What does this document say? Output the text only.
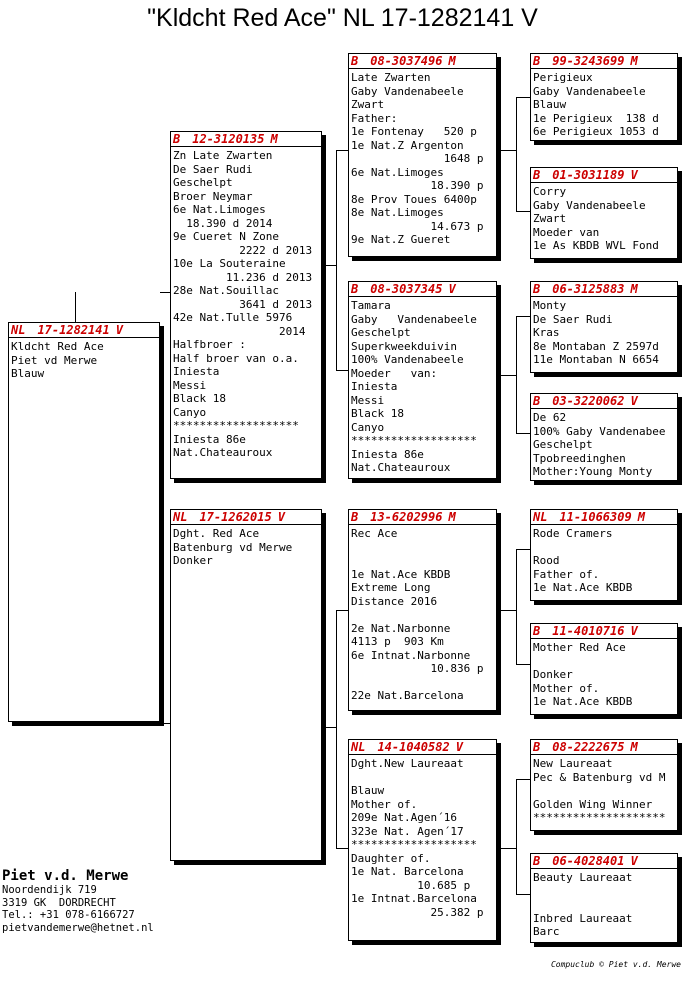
"Kldcht Red Ace" NL 17-1282141 V
NL 17-1282141 V
Kldcht Red Ace
Piet vd Merwe
Blauw
B 12-3120135 M
Zn Late Zwarten
De Saer Rudi
Geschelpt
Broer Neymar
6e Nat.Limoges
18.390 d 2014
9e Cueret N Zone
2222 d 2013
10e La Souteraine
11.236 d 2013
28e Nat.Souillac
3641 d 2013
42e Nat.Tulle 5976
2014
Halfbroer :
Half broer van o.a.
Iniesta
Messi
Black 18
Canyo
*******************
Iniesta 86e
Nat.Chateauroux
NL 17-1262015 V
Dght. Red Ace
Batenburg vd Merwe
Donker
B 08-3037496 M
Late Zwarten
Gaby Vandenabeele
Zwart
Father:
1e Fontenay   520 p
1e Nat.Z Argenton
1648 p
6e Nat.Limoges
18.390 p
8e Prov Toues 6400p
8e Nat.Limoges
14.673 p
9e Nat.Z Gueret
B 08-3037345 V
Tamara
Gaby   Vandenabeele
Geschelpt
Superkweekduivin
100% Vandenabeele
Moeder   van:
Iniesta
Messi
Black 18
Canyo
*******************
Iniesta 86e
Nat.Chateauroux
B 13-6202996 M
Rec Ace
1e Nat.Ace KBDB
Extreme Long
Distance 2016
2e Nat.Narbonne
4113 p  903 Km
6e Intnat.Narbonne
10.836 p
22e Nat.Barcelona
NL 14-1040582 V
Dght.New Laureaat
Blauw
Mother of.
209e Nat.Agen´16
323e Nat. Agen´17
*******************
Daughter of.
1e Nat. Barcelona
10.685 p
1e Intnat.Barcelona
25.382 p
B 99-3243699 M
Perigieux
Gaby Vandenabeele
Blauw
1e Perigieux  138 d
6e Perigieux 1053 d
B 01-3031189 V
Corry
Gaby Vandenabeele
Zwart
Moeder van
1e As KBDB WVL Fond
B 06-3125883 M
Monty
De Saer Rudi
Kras
8e Montaban Z 2597d
11e Montaban N 6654
B 03-3220062 V
De 62
100% Gaby Vandenabee
Geschelpt
Tpobreedinghen
Mother:Young Monty
NL 11-1066309 M
Rode Cramers
Rood
Father of.
1e Nat.Ace KBDB
B 11-4010716 V
Mother Red Ace
Donker
Mother of.
1e Nat.Ace KBDB
B 08-2222675 M
New Laureaat
Pec & Batenburg vd M
Golden Wing Winner
********************
B 06-4028401 V
Beauty Laureaat
Inbred Laureaat
Barc
Piet v.d. Merwe
Noordendijk 719
3319 GK  DORDRECHT
Tel.: +31 078-6166727
pietvandemerwe@hetnet.nl
Compuclub © Piet v.d. Merwe
